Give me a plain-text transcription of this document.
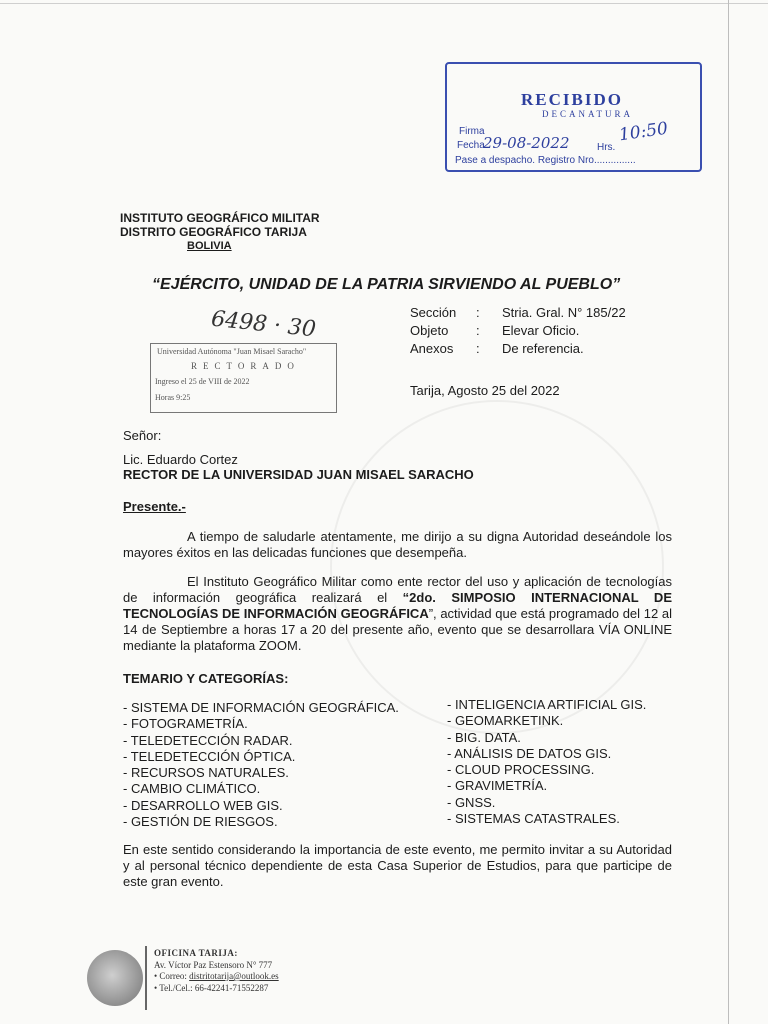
RECIBIDO
DECANATURA
Firma
Fecha
29-08-2022	Hrs.
10:50
Pase a despacho. Registro Nro...............
INSTITUTO GEOGRÁFICO MILITAR
DISTRITO GEOGRÁFICO TARIJA
BOLIVIA
“EJÉRCITO, UNIDAD DE LA PATRIA SIRVIENDO AL PUEBLO”
6498 · 30	Sección	:	Stria. Gral. N° 185/22
Objeto	:	Elevar Oficio.
Anexos	:	De referencia.
Universidad Autónoma "Juan Misael Saracho"
RECTORADO
Ingreso el 25 de VIII de 2022
Horas 9:25	Tarija, Agosto 25 del 2022
Señor:
Lic. Eduardo Cortez
RECTOR DE LA UNIVERSIDAD JUAN MISAEL SARACHO
Presente.-
A tiempo de saludarle atentamente, me dirijo a su digna Autoridad deseándole los mayores éxitos en las delicadas funciones que desempeña.
El Instituto Geográfico Militar como ente rector del uso y aplicación de tecnologías de información geográfica realizará el “2do. SIMPOSIO INTERNACIONAL DE TECNOLOGÍAS DE INFORMACIÓN GEOGRÁFICA”, actividad que está programado del 12 al 14 de Septiembre a horas 17 a 20 del presente año, evento que se desarrollara VÍA ONLINE mediante la plataforma ZOOM.
TEMARIO Y CATEGORÍAS:
- SISTEMA DE INFORMACIÓN GEOGRÁFICA.
- FOTOGRAMETRÍA.
- TELEDETECCIÓN RADAR.
- TELEDETECCIÓN ÓPTICA.
- RECURSOS NATURALES.
- CAMBIO CLIMÁTICO.
- DESARROLLO WEB GIS.
- GESTIÓN DE RIESGOS.
- INTELIGENCIA ARTIFICIAL GIS.
- GEOMARKETINK.
- BIG. DATA.
- ANÁLISIS DE DATOS GIS.
- CLOUD PROCESSING.
- GRAVIMETRÍA.
- GNSS.
- SISTEMAS CATASTRALES.
En este sentido considerando la importancia de este evento, me permito invitar a su Autoridad y al personal técnico dependiente de esta Casa Superior de Estudios, para que participe de este gran evento.
OFICINA TARIJA:
Av. Víctor Paz Estensoro N° 777
• Correo: distritotarija@outlook.es
• Tel./Cel.: 66-42241-71552287
